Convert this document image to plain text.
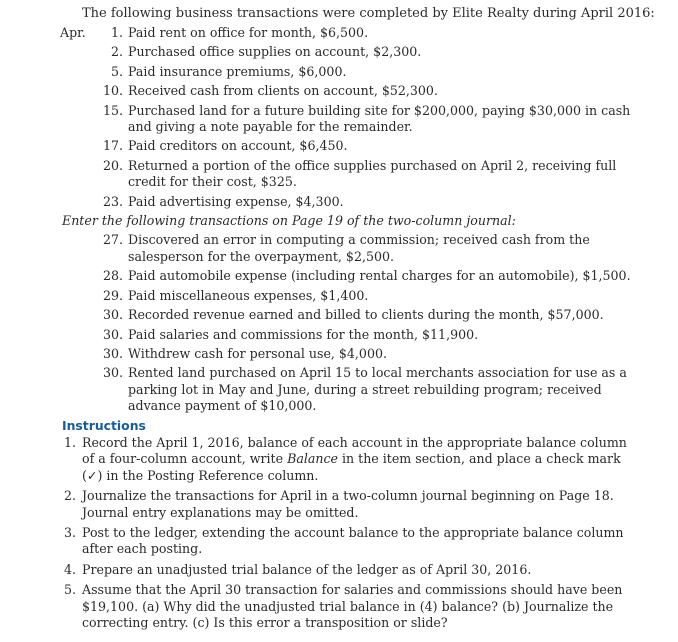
The following business transactions were completed by Elite Realty during April 2016:
Apr.	1. Paid rent on office for month, $6,500.
2. Purchased office supplies on account, $2,300.
5. Paid insurance premiums, $6,000.
10. Received cash from clients on account, $52,300.
15. Purchased land for a future building site for $200,000, paying $30,000 in cash and giving a note payable for the remainder.
17. Paid creditors on account, $6,450.
20. Returned a portion of the office supplies purchased on April 2, receiving full credit for their cost, $325.
23. Paid advertising expense, $4,300.
Enter the following transactions on Page 19 of the two-column journal:
27. Discovered an error in computing a commission; received cash from the salesperson for the overpayment, $2,500.
28. Paid automobile expense (including rental charges for an automobile), $1,500.
29. Paid miscellaneous expenses, $1,400.
30. Recorded revenue earned and billed to clients during the month, $57,000.
30. Paid salaries and commissions for the month, $11,900.
30. Withdrew cash for personal use, $4,000.
30. Rented land purchased on April 15 to local merchants association for use as a parking lot in May and June, during a street rebuilding program; received advance payment of $10,000.
Instructions
1. Record the April 1, 2016, balance of each account in the appropriate balance column of a four-column account, write Balance in the item section, and place a check mark (✓) in the Posting Reference column.
2. Journalize the transactions for April in a two-column journal beginning on Page 18. Journal entry explanations may be omitted.
3. Post to the ledger, extending the account balance to the appropriate balance column after each posting.
4. Prepare an unadjusted trial balance of the ledger as of April 30, 2016.
5. Assume that the April 30 transaction for salaries and commissions should have been $19,100. (a) Why did the unadjusted trial balance in (4) balance? (b) Journalize the correcting entry. (c) Is this error a transposition or slide?
